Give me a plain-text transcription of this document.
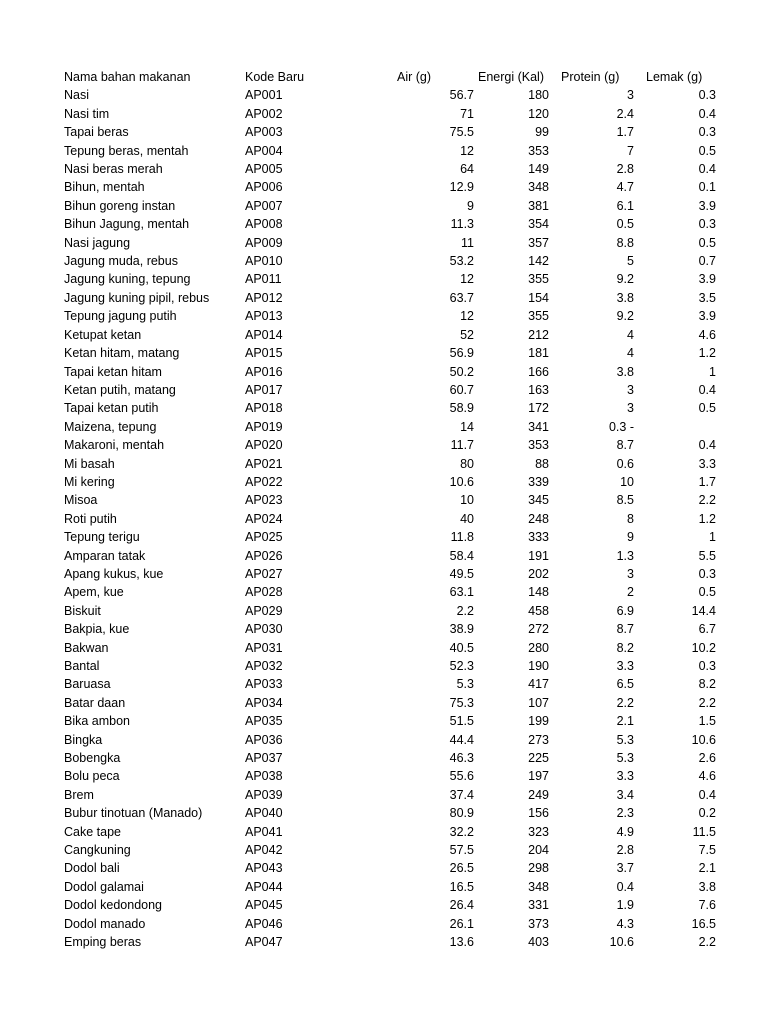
Nama bahan makanan	Kode Baru	Air (g)	Energi (Kal)	Protein (g)	Lemak (g)
Nasi	AP001	56.7	180	3	0.3
Nasi tim	AP002	71	120	2.4	0.4
Tapai beras	AP003	75.5	99	1.7	0.3
Tepung beras, mentah	AP004	12	353	7	0.5
Nasi beras merah	AP005	64	149	2.8	0.4
Bihun, mentah	AP006	12.9	348	4.7	0.1
Bihun goreng instan	AP007	9	381	6.1	3.9
Bihun Jagung, mentah	AP008	11.3	354	0.5	0.3
Nasi jagung	AP009	11	357	8.8	0.5
Jagung muda, rebus	AP010	53.2	142	5	0.7
Jagung kuning, tepung	AP011	12	355	9.2	3.9
Jagung kuning pipil, rebus	AP012	63.7	154	3.8	3.5
Tepung jagung putih	AP013	12	355	9.2	3.9
Ketupat ketan	AP014	52	212	4	4.6
Ketan hitam, matang	AP015	56.9	181	4	1.2
Tapai ketan hitam	AP016	50.2	166	3.8	1
Ketan putih, matang	AP017	60.7	163	3	0.4
Tapai ketan putih	AP018	58.9	172	3	0.5
Maizena, tepung	AP019	14	341	0.3 -	
Makaroni, mentah	AP020	11.7	353	8.7	0.4
Mi basah	AP021	80	88	0.6	3.3
Mi kering	AP022	10.6	339	10	1.7
Misoa	AP023	10	345	8.5	2.2
Roti putih	AP024	40	248	8	1.2
Tepung terigu	AP025	11.8	333	9	1
Amparan tatak	AP026	58.4	191	1.3	5.5
Apang kukus, kue	AP027	49.5	202	3	0.3
Apem, kue	AP028	63.1	148	2	0.5
Biskuit	AP029	2.2	458	6.9	14.4
Bakpia, kue	AP030	38.9	272	8.7	6.7
Bakwan	AP031	40.5	280	8.2	10.2
Bantal	AP032	52.3	190	3.3	0.3
Baruasa	AP033	5.3	417	6.5	8.2
Batar daan	AP034	75.3	107	2.2	2.2
Bika ambon	AP035	51.5	199	2.1	1.5
Bingka	AP036	44.4	273	5.3	10.6
Bobengka	AP037	46.3	225	5.3	2.6
Bolu peca	AP038	55.6	197	3.3	4.6
Brem	AP039	37.4	249	3.4	0.4
Bubur tinotuan (Manado)	AP040	80.9	156	2.3	0.2
Cake tape	AP041	32.2	323	4.9	11.5
Cangkuning	AP042	57.5	204	2.8	7.5
Dodol bali	AP043	26.5	298	3.7	2.1
Dodol galamai	AP044	16.5	348	0.4	3.8
Dodol kedondong	AP045	26.4	331	1.9	7.6
Dodol manado	AP046	26.1	373	4.3	16.5
Emping beras	AP047	13.6	403	10.6	2.2
